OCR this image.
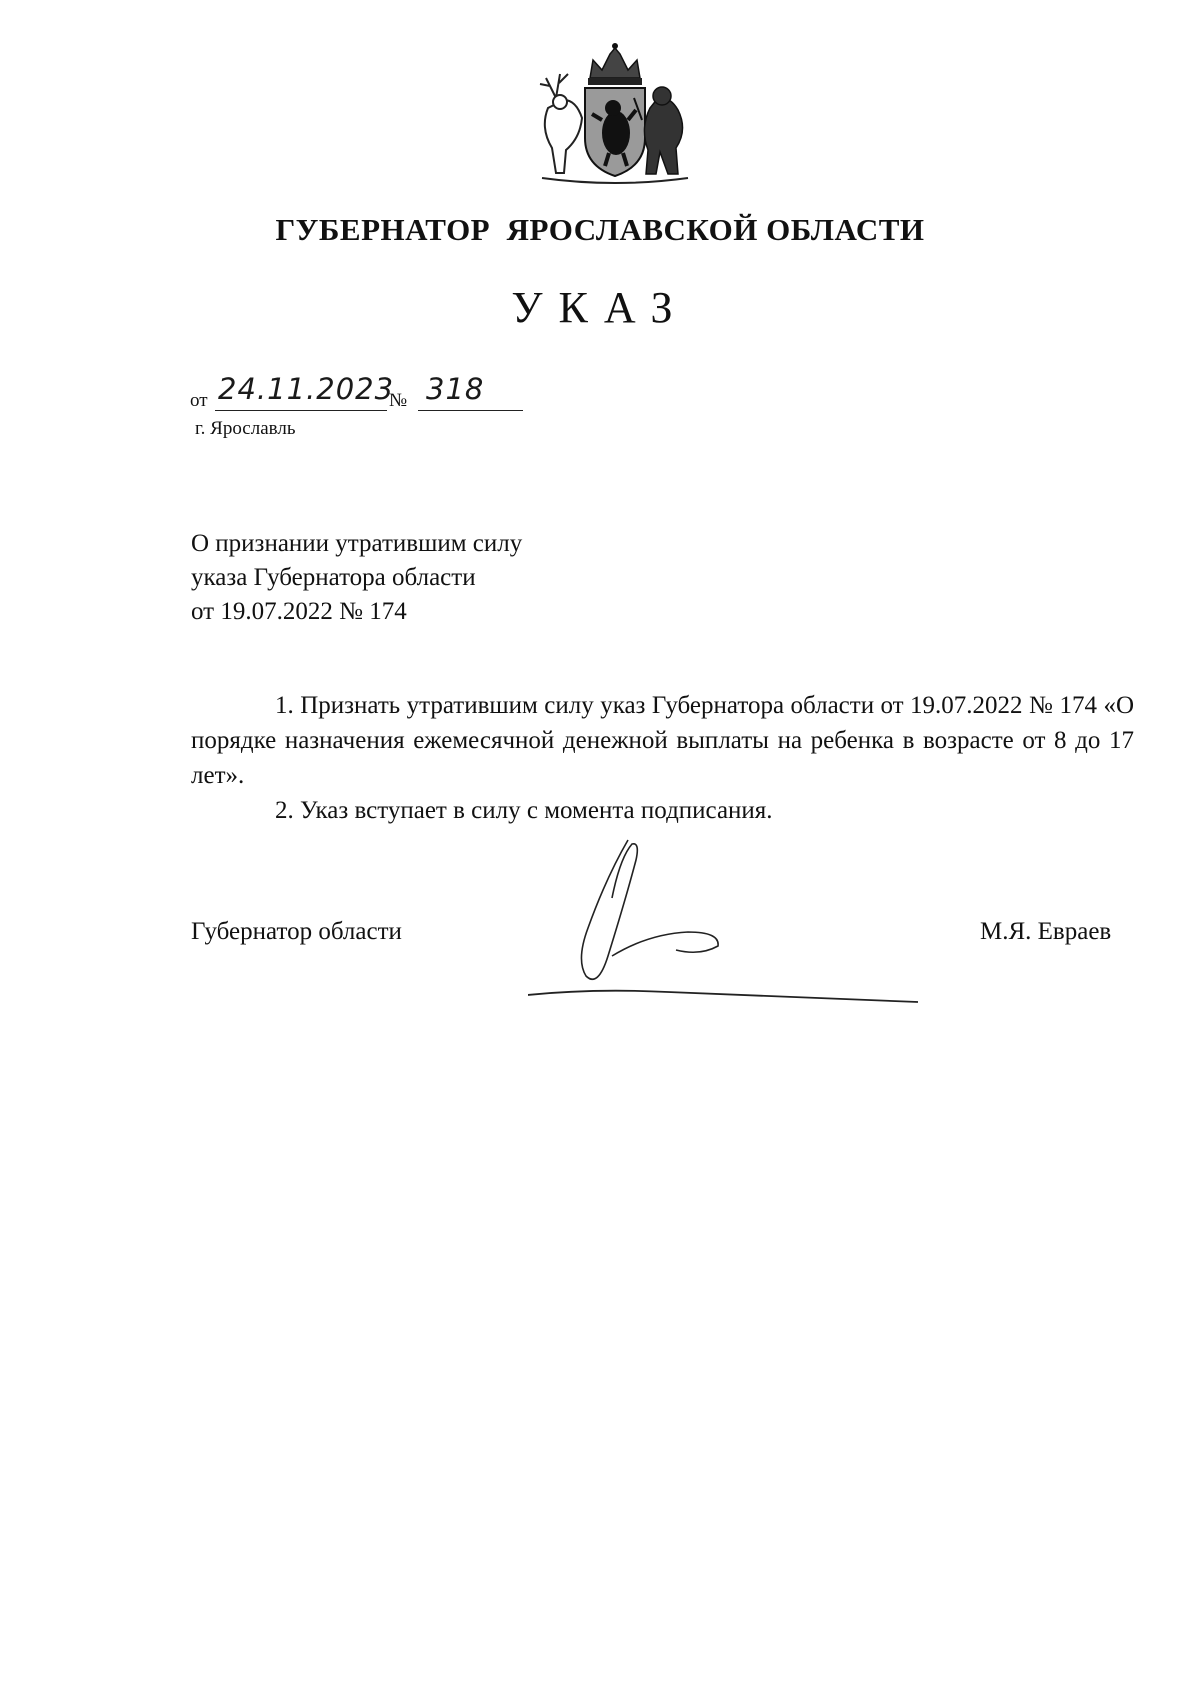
ГУБЕРНАТОР  ЯРОСЛАВСКОЙ ОБЛАСТИ
УКАЗ
от 24.11.2023
№ 318
г. Ярославль
О признании утратившим силу
указа Губернатора области
от 19.07.2022 № 174

1. Признать утратившим силу указ Губернатора области от 19.07.2022 № 174 «О порядке назначения ежемесячной денежной выплаты на ребенка в возрасте от 8 до 17 лет».

2. Указ вступает в силу с момента подписания.

Губернатор области	М.Я. Евраев
